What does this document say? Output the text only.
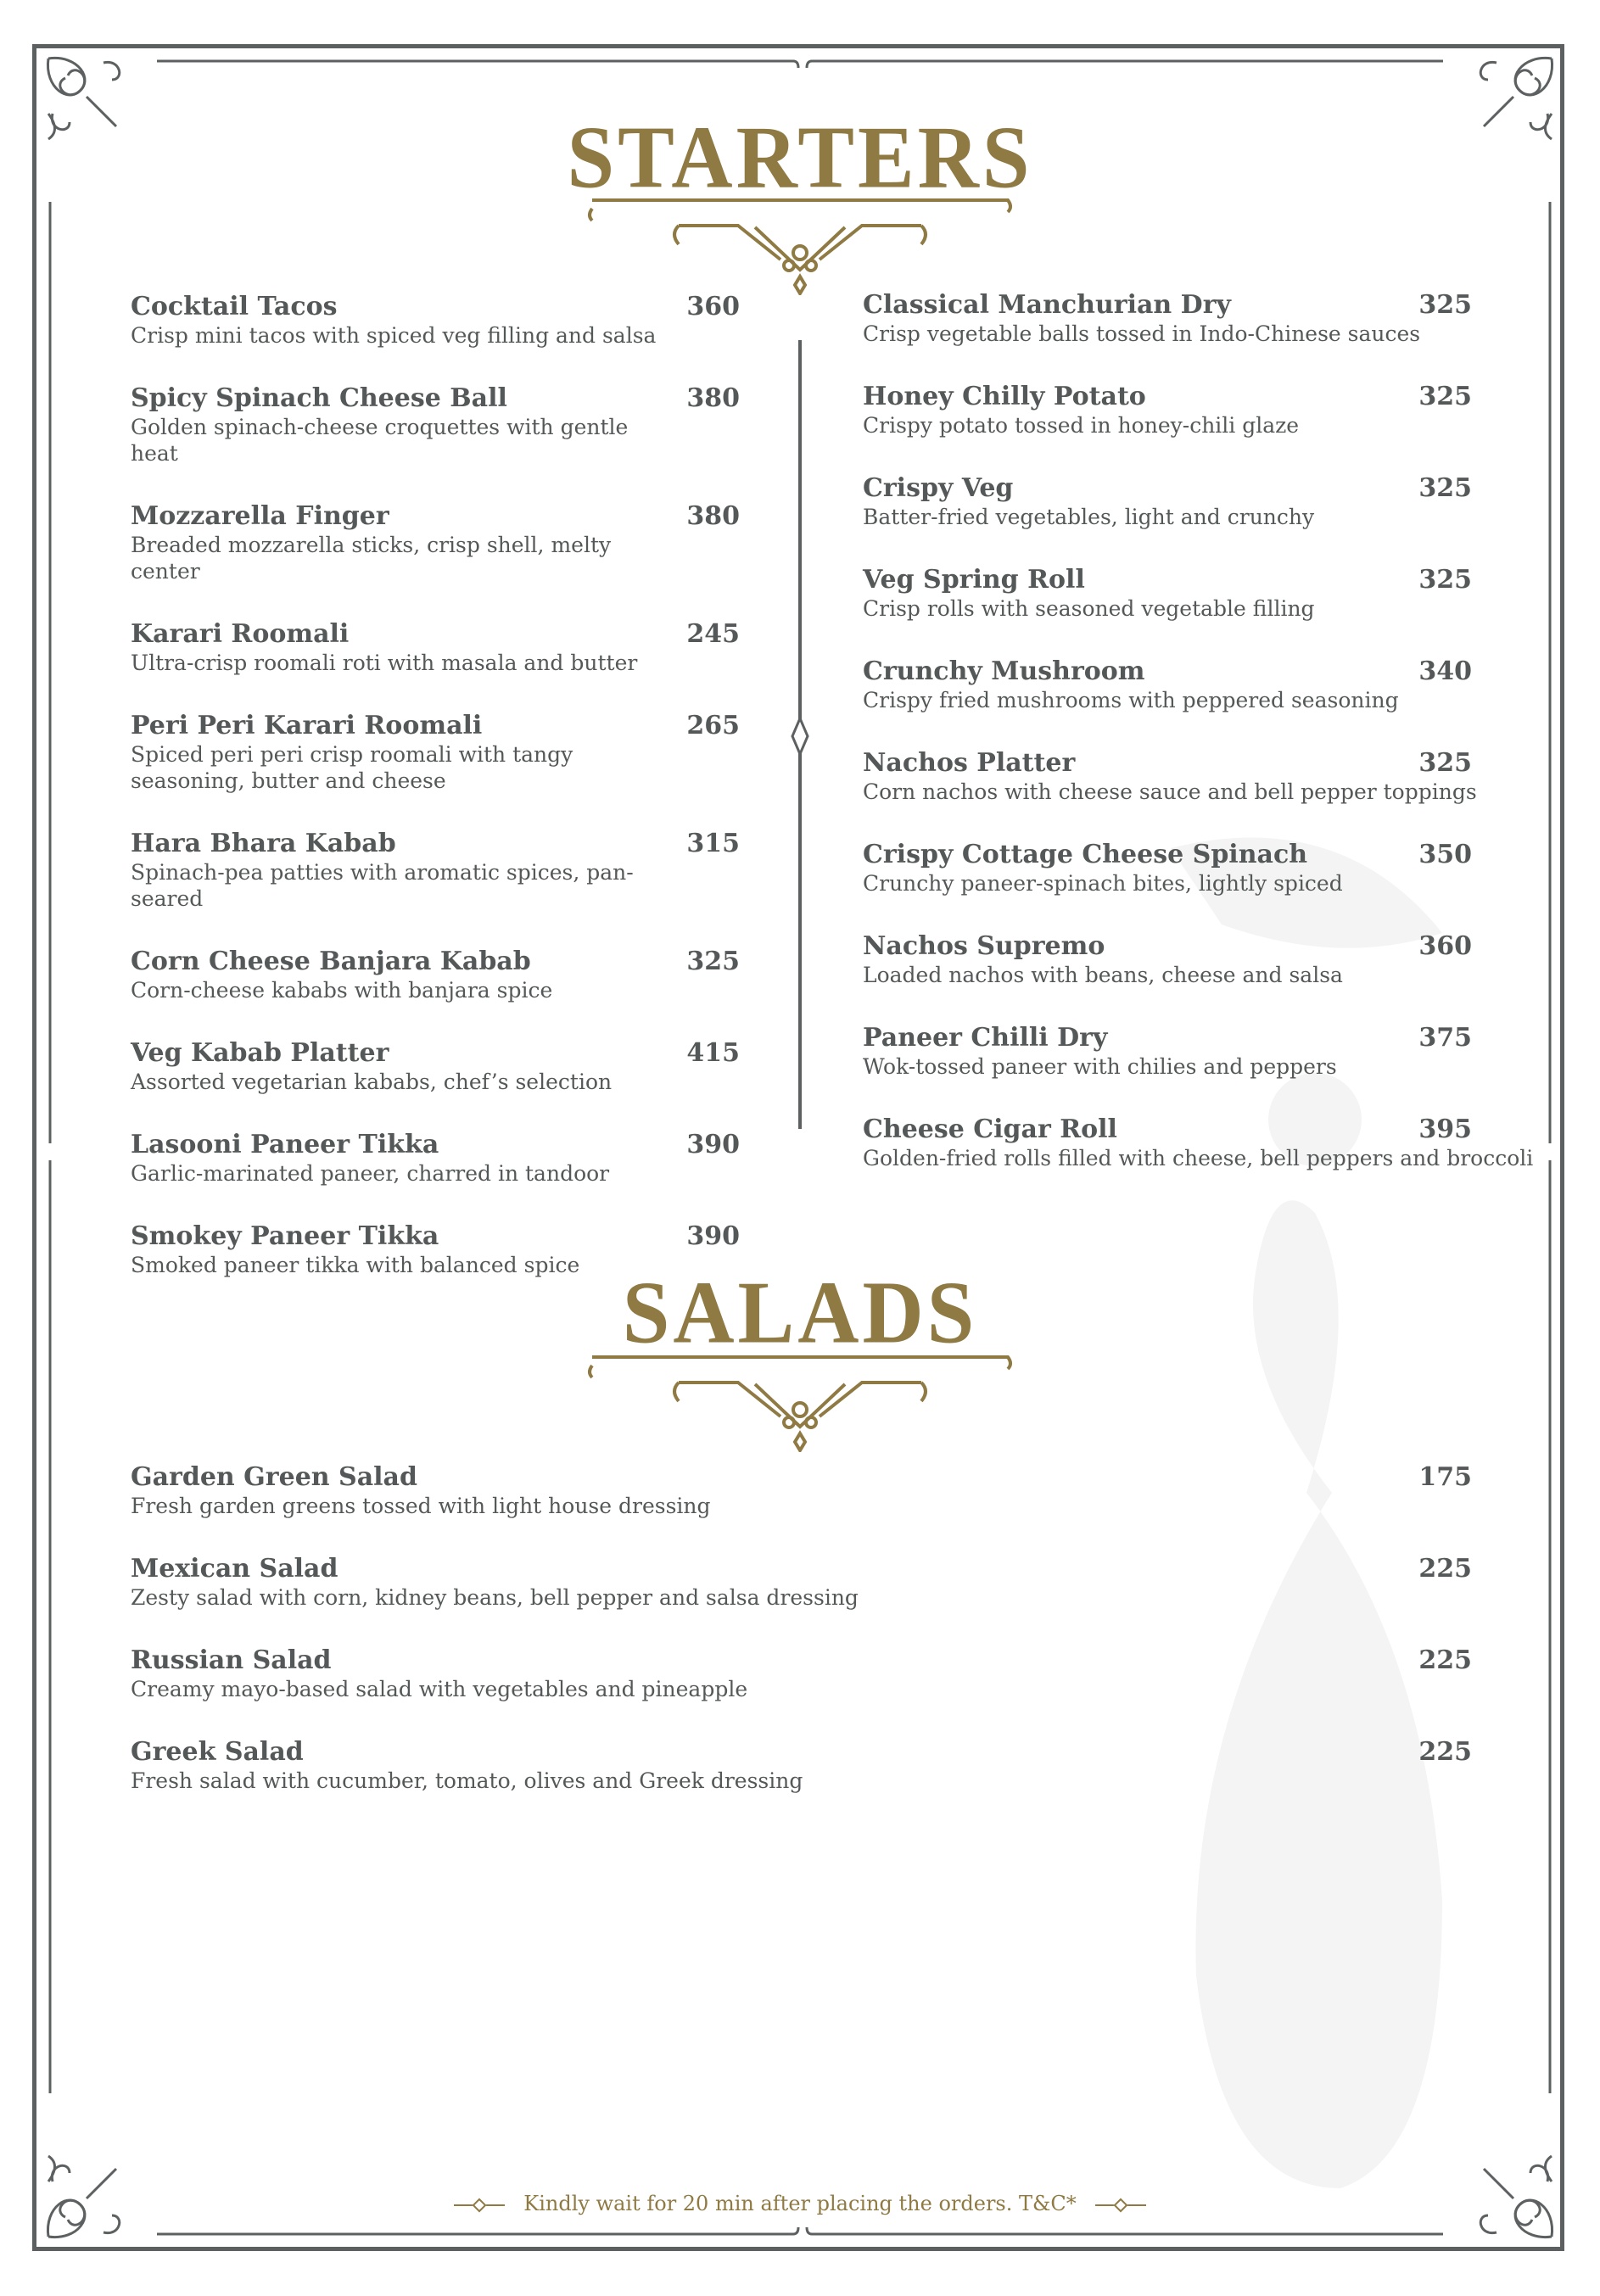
STARTERS
Cocktail Tacos
Crisp mini tacos with spiced veg filling and salsa
360
Spicy Spinach Cheese Ball
Golden spinach-cheese croquettes with gentle heat
380
Mozzarella Finger
Breaded mozzarella sticks, crisp shell, melty center
380
Karari Roomali
Ultra-crisp roomali roti with masala and butter
245
Peri Peri Karari Roomali
Spiced peri peri crisp roomali with tangy seasoning, butter and cheese
265
Hara Bhara Kabab
Spinach-pea patties with aromatic spices, pan-seared
315
Corn Cheese Banjara Kabab
Corn-cheese kababs with banjara spice
325
Veg Kabab Platter
Assorted vegetarian kababs, chef’s selection
415
Lasooni Paneer Tikka
Garlic-marinated paneer, charred in tandoor
390
Smokey Paneer Tikka
Smoked paneer tikka with balanced spice
390
Classical Manchurian Dry
Crisp vegetable balls tossed in Indo-Chinese sauces
325
Honey Chilly Potato
Crispy potato tossed in honey-chili glaze
325
Crispy Veg
Batter-fried vegetables, light and crunchy
325
Veg Spring Roll
Crisp rolls with seasoned vegetable filling
325
Crunchy Mushroom
Crispy fried mushrooms with peppered seasoning
340
Nachos Platter
Corn nachos with cheese sauce and bell pepper toppings
325
Crispy Cottage Cheese Spinach
Crunchy paneer-spinach bites, lightly spiced
350
Nachos Supremo
Loaded nachos with beans, cheese and salsa
360
Paneer Chilli Dry
Wok-tossed paneer with chilies and peppers
375
Cheese Cigar Roll
Golden-fried rolls filled with cheese, bell peppers and broccoli
395
SALADS
Garden Green Salad
Fresh garden greens tossed with light house dressing
175
Mexican Salad
Zesty salad with corn, kidney beans, bell pepper and salsa dressing
225
Russian Salad
Creamy mayo-based salad with vegetables and pineapple
225
Greek Salad
Fresh salad with cucumber, tomato, olives and Greek dressing
225
Kindly wait for 20 min after placing the orders. T&C*
